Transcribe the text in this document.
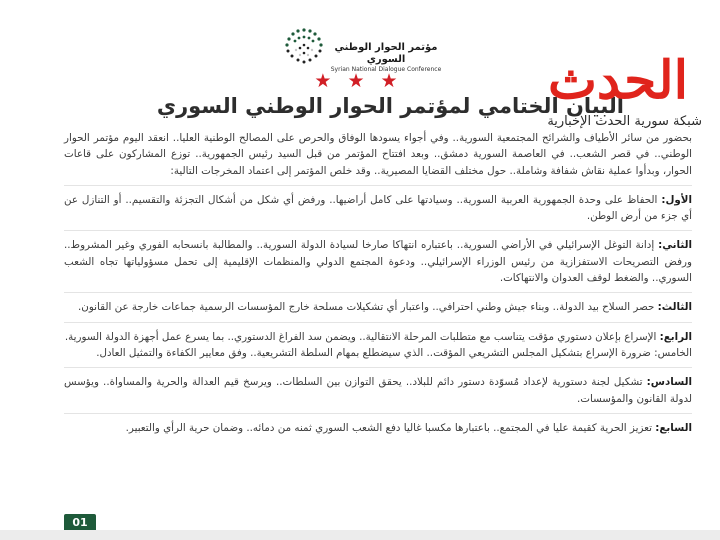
مؤتمر الحوار الوطني السوري
Syrian National Dialogue Conference
★ ★ ★
البيان الختامي لمؤتمر الحوار الوطني السوري
الحدث
شبكة سورية الحدث الإخبارية

بحضور من سائر الأطياف والشرائح المجتمعية السورية.. وفي أجواء يسودها الوفاق والحرص على المصالح الوطنية العليا.. انعقد اليوم مؤتمر الحوار الوطني.. في قصر الشعب.. في العاصمة السورية دمشق.. وبعد افتتاح المؤتمر من قبل السيد رئيس الجمهورية.. توزع المشاركون على قاعات الحوار، وبدأوا عملية نقاش شفافة وشاملة.. حول مختلف القضايا المصيرية.. وقد خلص المؤتمر إلى اعتماد المخرجات التالية:

الأول: الحفاظ على وحدة الجمهورية العربية السورية.. وسيادتها على كامل أراضيها.. ورفض أي شكل من أشكال التجزئة والتقسيم.. أو التنازل عن أي جزء من أرض الوطن.

الثاني: إدانة التوغل الإسرائيلي في الأراضي السورية.. باعتباره انتهاكا صارخا لسيادة الدولة السورية.. والمطالبة بانسحابه الفوري وغير المشروط.. ورفض التصريحات الاستفزازية من رئيس الوزراء الإسرائيلي.. ودعوة المجتمع الدولي والمنظمات الإقليمية إلى تحمل مسؤولياتها تجاه الشعب السوري.. والضغط لوقف العدوان والانتهاكات.

الثالث: حصر السلاح بيد الدولة.. وبناء جيش وطني احترافي.. واعتبار أي تشكيلات مسلحة خارج المؤسسات الرسمية جماعات خارجة عن القانون.

الرابع: الإسراع بإعلان دستوري مؤقت يتناسب مع متطلبات المرحلة الانتقالية.. ويضمن سد الفراغ الدستوري.. بما يسرع عمل أجهزة الدولة السورية.

الخامس: ضرورة الإسراع بتشكيل المجلس التشريعي المؤقت.. الذي سيضطلع بمهام السلطة التشريعية.. وفق معايير الكفاءة والتمثيل العادل.

السادس: تشكيل لجنة دستورية لإعداد مُسوّدة دستور دائم للبلاد.. يحقق التوازن بين السلطات.. ويرسخ قيم العدالة والحرية والمساواة.. ويؤسس لدولة القانون والمؤسسات.

السابع: تعزيز الحرية كقيمة عليا في المجتمع.. باعتبارها مكسبا غاليا دفع الشعب السوري ثمنه من دمائه.. وضمان حرية الرأي والتعبير.

01
